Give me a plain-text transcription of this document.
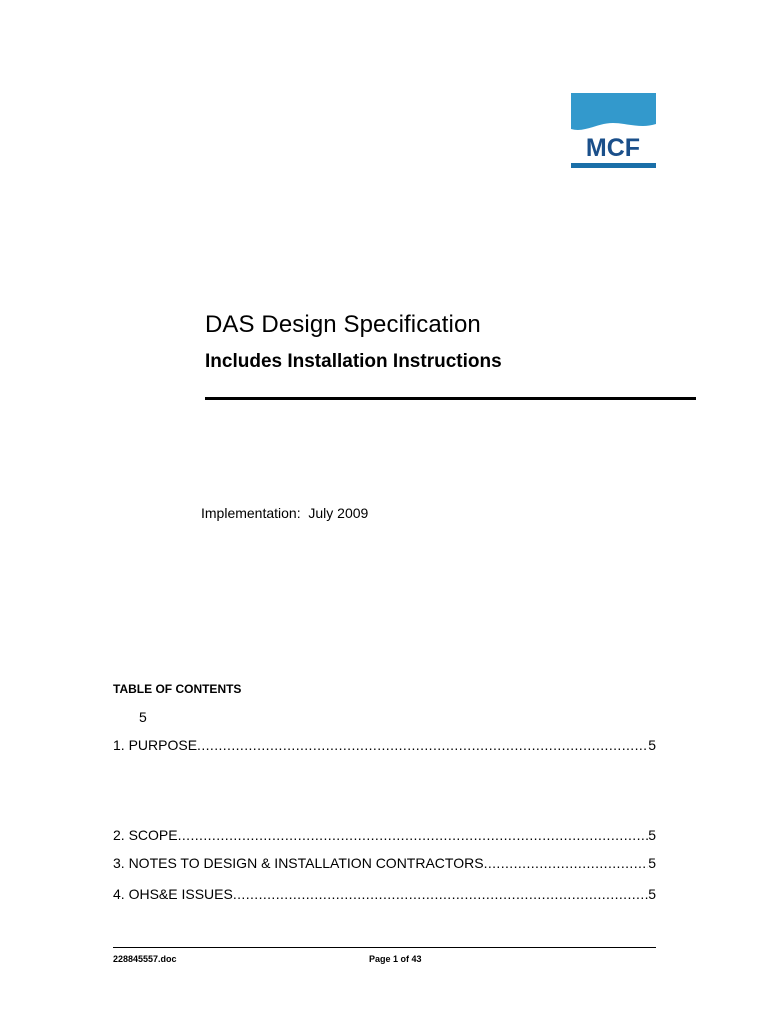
MCF
DAS Design Specification
Includes Installation Instructions
Implementation: July 2009
TABLE OF CONTENTS
5
1. PURPOSE .....	5
2. SCOPE .....	5
3. NOTES TO DESIGN & INSTALLATION CONTRACTORS .....	5
4. OHS&E ISSUES .....	5
228845557.doc	Page 1 of 43
